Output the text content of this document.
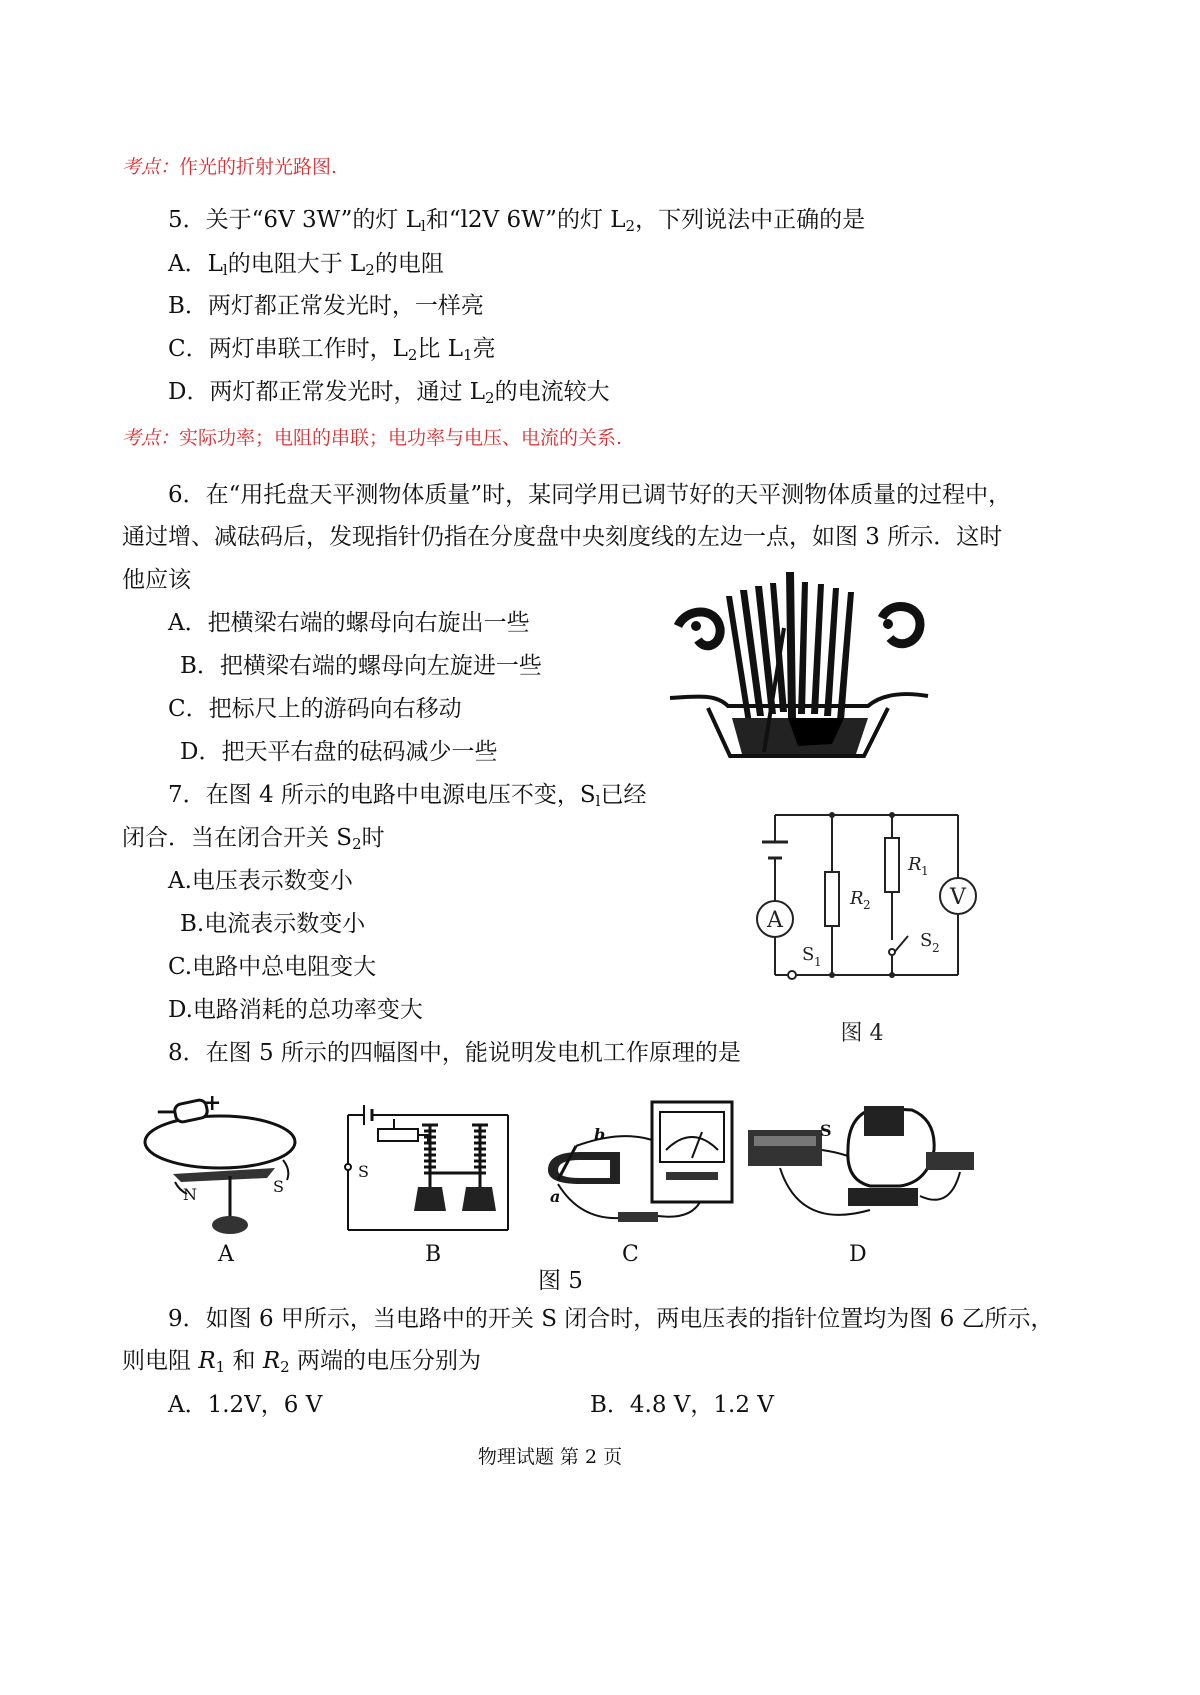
考点：作光的折射光路图.
5．关于“6V 3W”的灯 $L_l$和“l2V 6W”的灯 $L_2$，下列说法中正确的是
A．$L_l$的电阻大于 $L_2$的电阻
B．两灯都正常发光时，一样亮
C．两灯串联工作时，$L_2$比 $L_1$亮
D．两灯都正常发光时，通过 $L_2$的电流较大
考点：实际功率；电阻的串联；电功率与电压、电流的关系.
6．在“用托盘天平测物体质量”时，某同学用已调节好的天平测物体质量的过程中，
通过增、减砝码后，发现指针仍指在分度盘中央刻度线的左边一点，如图 3 所示．这时
他应该
A．把横梁右端的螺母向右旋出一些
B．把横梁右端的螺母向左旋进一些
C．把标尺上的游码向右移动
D．把天平右盘的砝码减少一些
7．在图 4 所示的电路中电源电压不变，$S_l$已经
闭合．当在闭合开关 $S_2$时
A.电压表示数变小
B.电流表示数变小
C.电路中总电阻变大
D.电路消耗的总功率变大
A
V
R 2
R 1
S 1
S 2
图 4
8．在图 5 所示的四幅图中，能说明发电机工作原理的是
− +
N	S
S
b
a
S
A	B	C	D
图 5
9．如图 6 甲所示，当电路中的开关 S 闭合时，两电压表的指针位置均为图 6 乙所示，
则电阻 $R_1$ 和 $R_2$ 两端的电压分别为
A．1.2V，6 V	B．4.8 V，1.2 V
物理试题 第 2 页
